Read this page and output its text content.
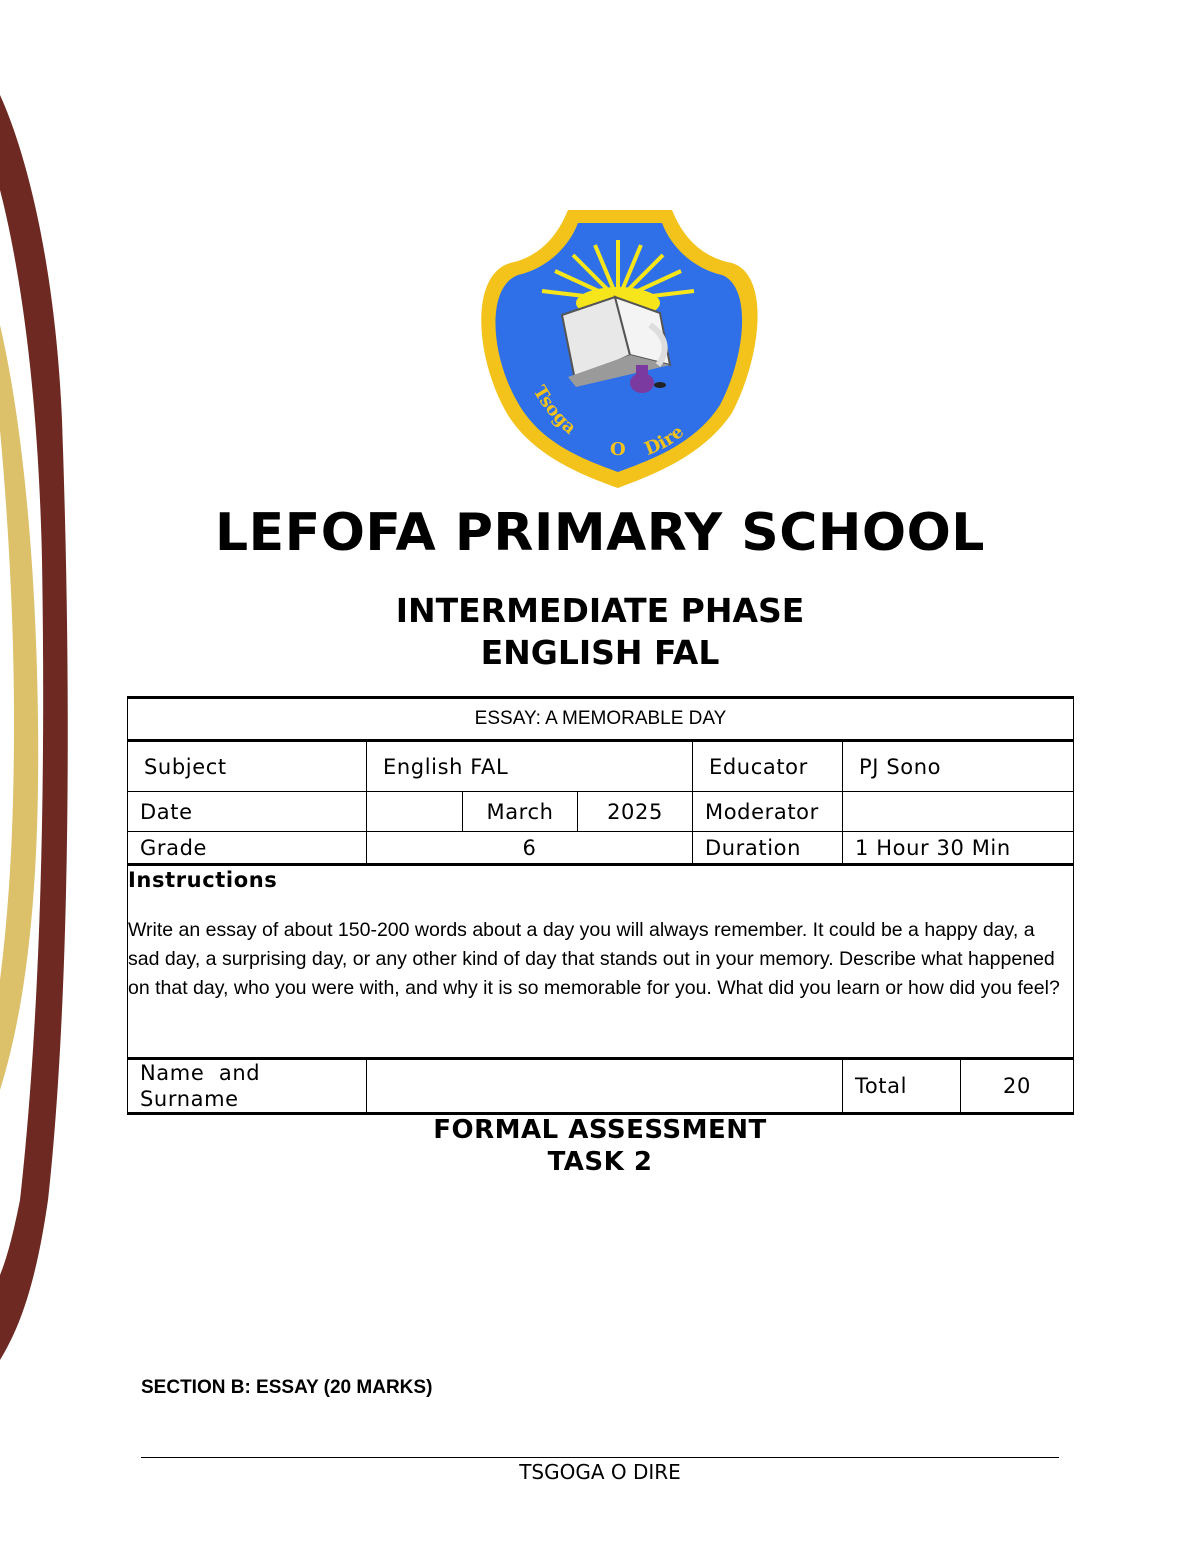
Tsoga
O Dire
LEFOFA PRIMARY SCHOOL
INTERMEDIATE PHASE
ENGLISH FAL
ESSAY: A MEMORABLE DAY						
Subject	English FAL			Educator	PJ Sono	
Date		March	2025	Moderator		
Grade	6			Duration	1 Hour 30 Min	

Instructions
Write an essay of about 150-200 words about a day you will always remember. It could be a happy day, a sad day, a surprising day, or any other kind of day that stands out in your memory. Describe what happened on that day, who you were with, and why it is so memorable for you. What did you learn or how did you feel?						

Name  and
Surname					Total	20
FORMAL ASSESSMENT
TASK 2
SECTION B: ESSAY (20 MARKS)
TSGOGA O DIRE
